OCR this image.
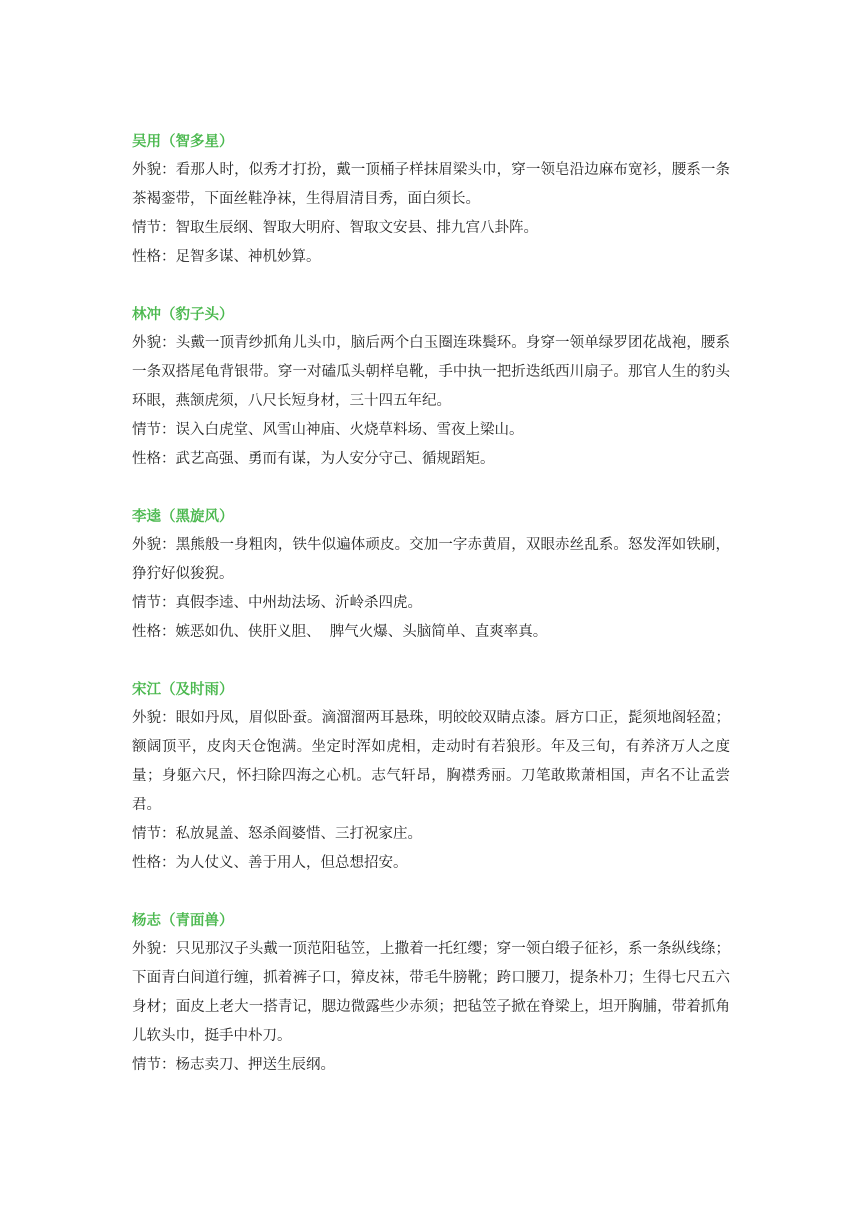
吴用（智多星）

外貌：看那人时，似秀才打扮，戴一顶桶子样抹眉梁头巾，穿一领皂沿边麻布宽衫，腰系一条茶褐銮带，下面丝鞋净袜，生得眉清目秀，面白须长。

情节：智取生辰纲、智取大明府、智取文安县、排九宫八卦阵。

性格：足智多谋、神机妙算。

林冲（豹子头）

外貌：头戴一顶青纱抓角儿头巾，脑后两个白玉圈连珠鬓环。身穿一领单绿罗团花战袍，腰系一条双搭尾龟背银带。穿一对磕瓜头朝样皂靴，手中执一把折迭纸西川扇子。那官人生的豹头环眼，燕颔虎须，八尺长短身材，三十四五年纪。

情节：误入白虎堂、风雪山神庙、火烧草料场、雪夜上梁山。

性格：武艺高强、勇而有谋，为人安分守己、循规蹈矩。

李逵（黑旋风）

外貌：黑熊般一身粗肉，铁牛似遍体顽皮。交加一字赤黄眉，双眼赤丝乱系。怒发浑如铁刷，狰狞好似狻猊。

情节：真假李逵、中州劫法场、沂岭杀四虎。

性格：嫉恶如仇、侠肝义胆、  脾气火爆、头脑简单、直爽率真。

宋江（及时雨）

外貌：眼如丹凤，眉似卧蚕。滴溜溜两耳悬珠，明皎皎双睛点漆。唇方口正，髭须地阁轻盈；额阔顶平，皮肉天仓饱满。坐定时浑如虎相，走动时有若狼形。年及三旬，有养济万人之度量；身躯六尺，怀扫除四海之心机。志气轩昂，胸襟秀丽。刀笔敢欺萧相国，声名不让孟尝君。

情节：私放晁盖、怒杀阎婆惜、三打祝家庄。

性格：为人仗义、善于用人，但总想招安。

杨志（青面兽）

外貌：只见那汉子头戴一顶范阳毡笠，上撒着一托红缨；穿一领白缎子征衫，系一条纵线绦；下面青白间道行缠，抓着裤子口，獐皮袜，带毛牛膀靴；跨口腰刀，提条朴刀；生得七尺五六身材；面皮上老大一搭青记，腮边微露些少赤须；把毡笠子掀在脊梁上，坦开胸脯，带着抓角儿软头巾，挺手中朴刀。

情节：杨志卖刀、押送生辰纲。
